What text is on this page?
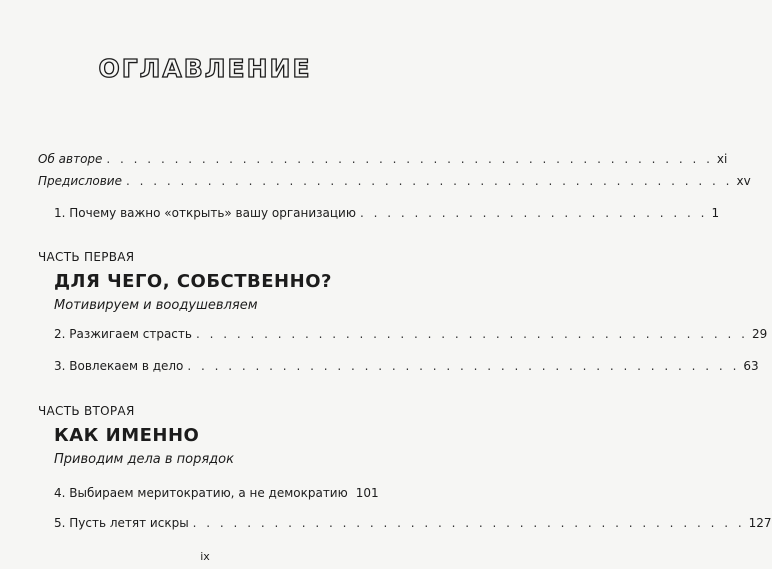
ОГЛАВЛЕНИЕ
Об авторе . . . . . . . . . . . . . . . . . . . . . . . . . . . . . . . . . . . . . . . . . . . . . xi
Предисловие . . . . . . . . . . . . . . . . . . . . . . . . . . . . . . . . . . . . . . . . . . . . . xv
1. Почему важно «открыть» вашу организацию . . . . . . . . . . . . . . . . . . . . . . . . . . 1
ЧАСТЬ ПЕРВАЯ
ДЛЯ ЧЕГО, СОБСТВЕННО?
Мотивируем и воодушевляем
2. Разжигаем страсть . . . . . . . . . . . . . . . . . . . . . . . . . . . . . . . . . . . . . . . . . 29
3. Вовлекаем в дело . . . . . . . . . . . . . . . . . . . . . . . . . . . . . . . . . . . . . . . . . 63
ЧАСТЬ ВТОРАЯ
КАК ИМЕННО
Приводим дела в порядок
4. Выбираем меритократию, а не демократию 101
5. Пусть летят искры . . . . . . . . . . . . . . . . . . . . . . . . . . . . . . . . . . . . . . . . . 127
ix
